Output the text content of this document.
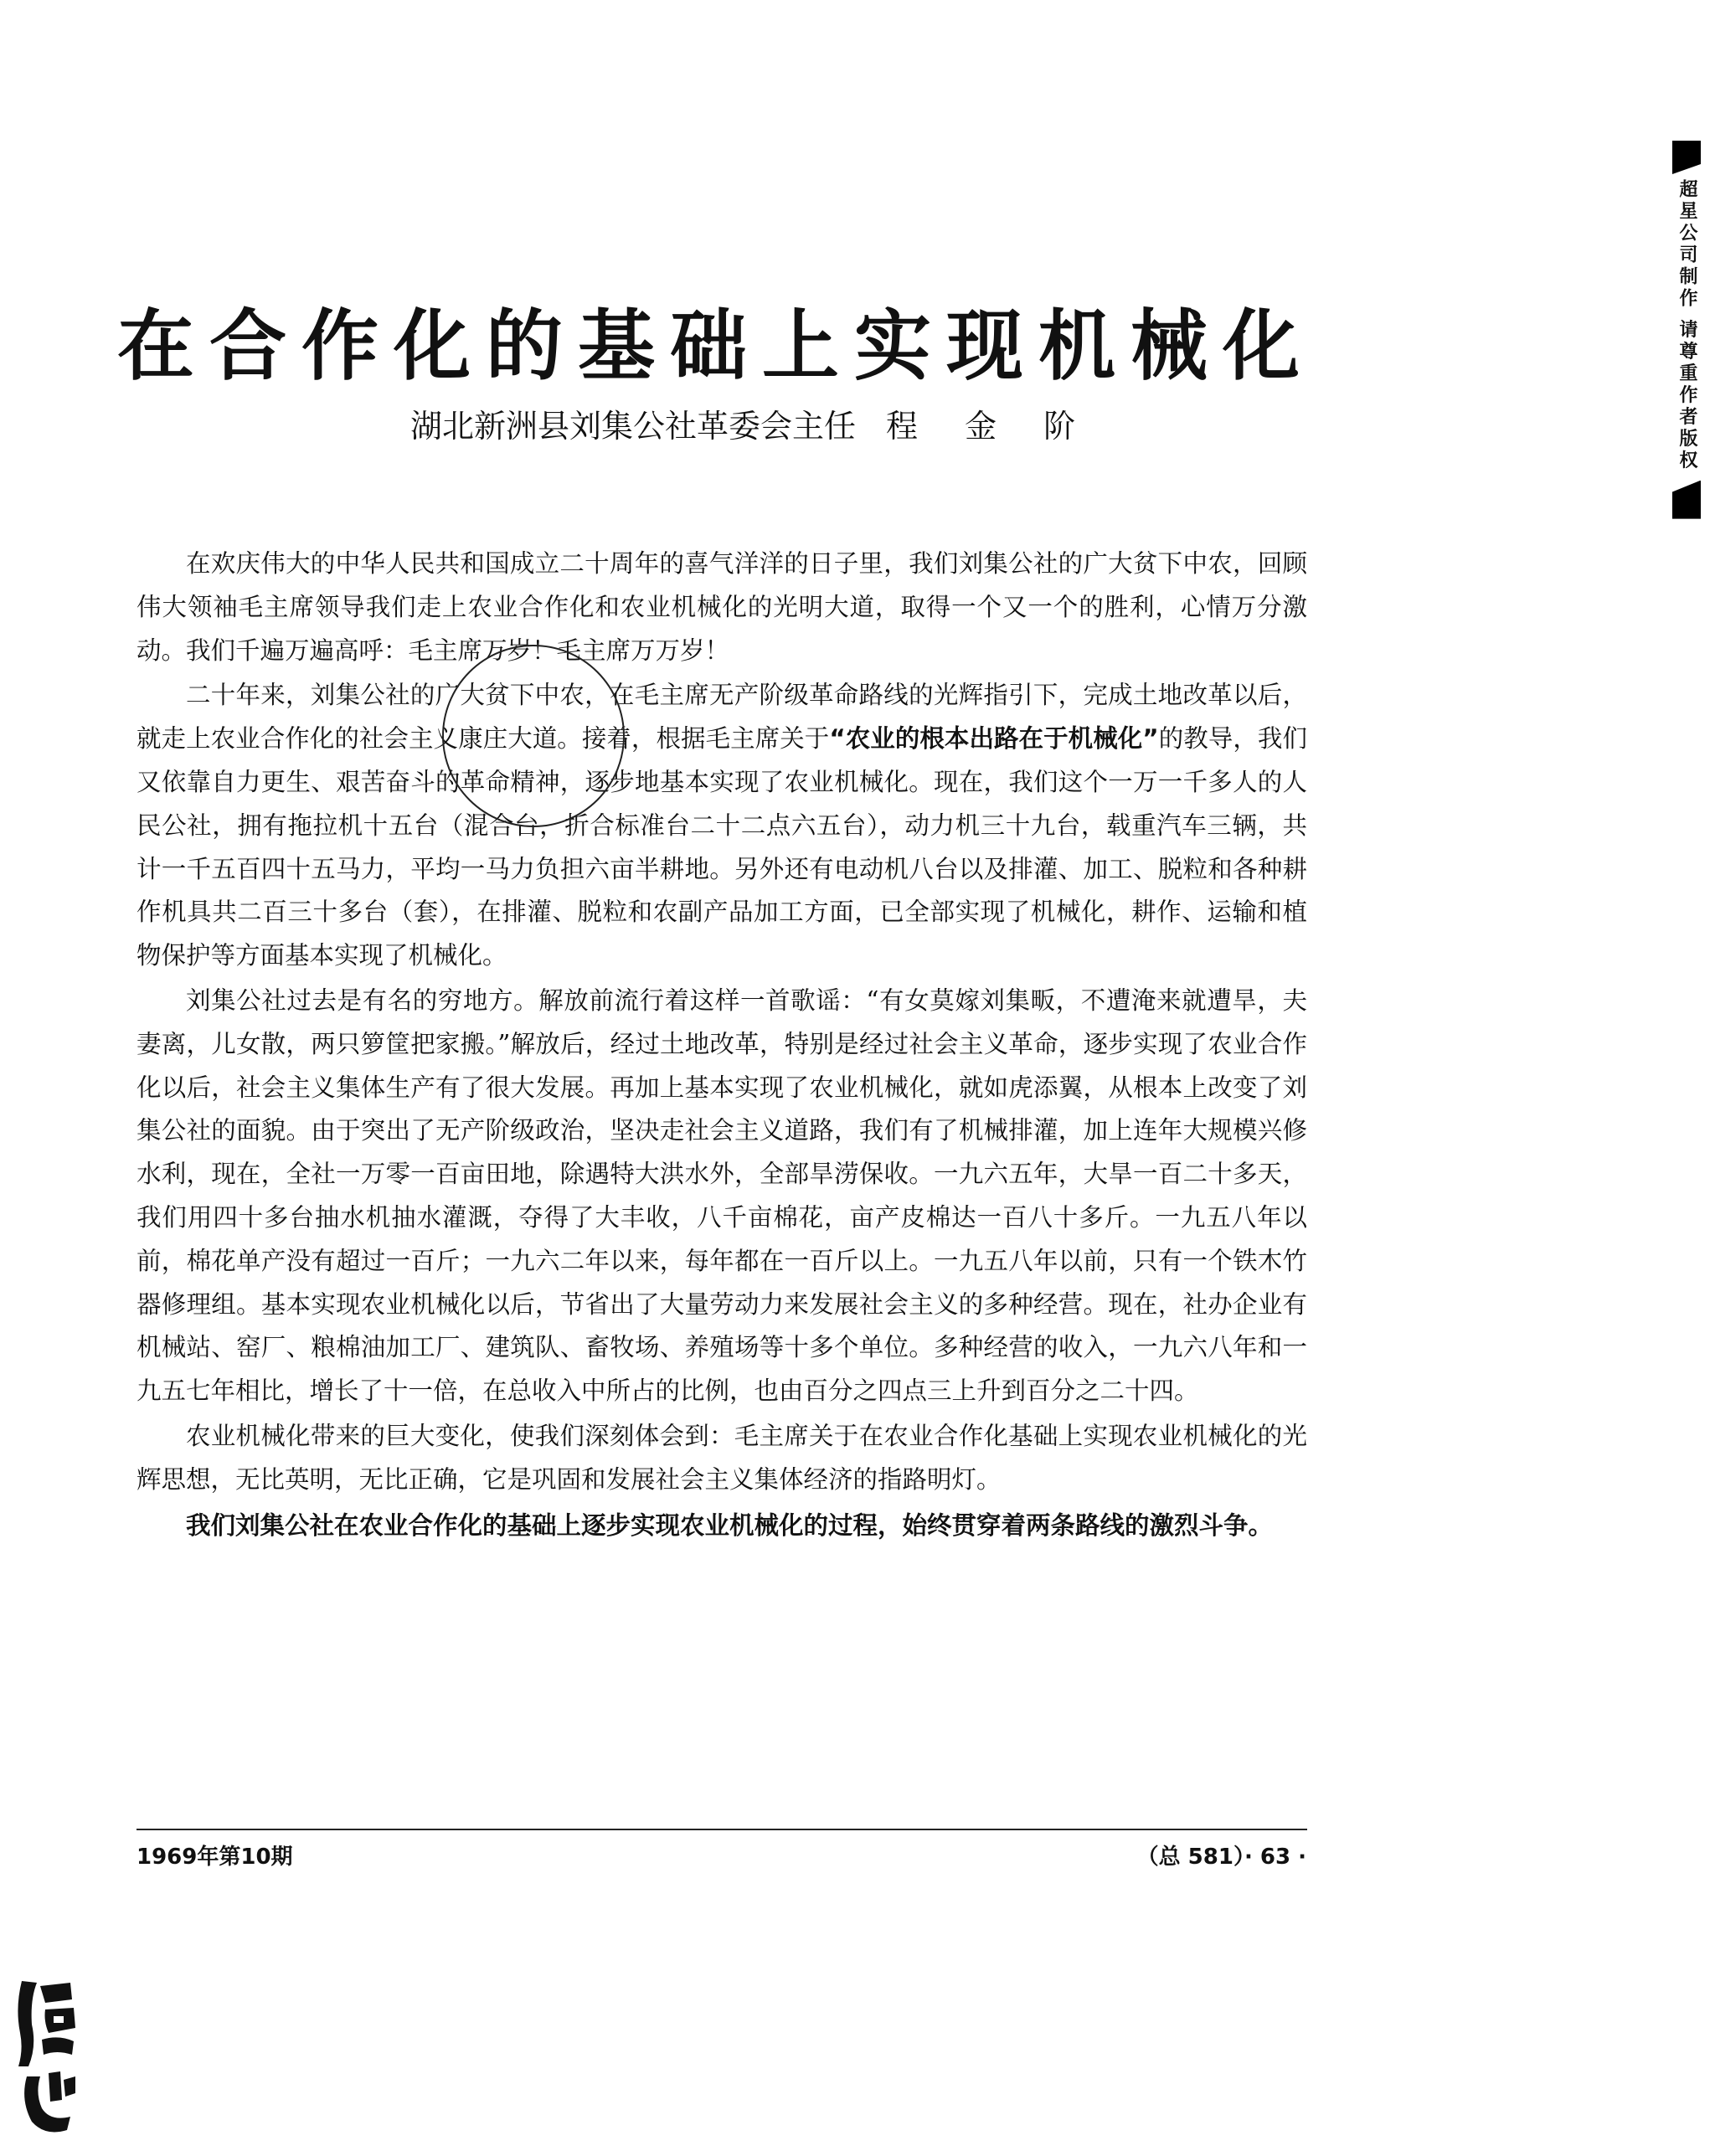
在合作化的基础上实现机械化
湖北新洲县刘集公社革委会主任 程 金 阶

在欢庆伟大的中华人民共和国成立二十周年的喜气洋洋的日子里，我们刘集公社的广大贫下中农，回顾伟大领袖毛主席领导我们走上农业合作化和农业机械化的光明大道，取得一个又一个的胜利，心情万分激动。我们千遍万遍高呼：毛主席万岁！毛主席万万岁！

二十年来，刘集公社的广大贫下中农，在毛主席无产阶级革命路线的光辉指引下，完成土地改革以后，就走上农业合作化的社会主义康庄大道。接着，根据毛主席关于“农业的根本出路在于机械化”的教导，我们又依靠自力更生、艰苦奋斗的革命精神，逐步地基本实现了农业机械化。现在，我们这个一万一千多人的人民公社，拥有拖拉机十五台（混合台，折合标准台二十二点六五台），动力机三十九台，载重汽车三辆，共计一千五百四十五马力，平均一马力负担六亩半耕地。另外还有电动机八台以及排灌、加工、脱粒和各种耕作机具共二百三十多台（套），在排灌、脱粒和农副产品加工方面，已全部实现了机械化，耕作、运输和植物保护等方面基本实现了机械化。

刘集公社过去是有名的穷地方。解放前流行着这样一首歌谣：“有女莫嫁刘集畈，不遭淹来就遭旱，夫妻离，儿女散，两只箩筐把家搬。”解放后，经过土地改革，特别是经过社会主义革命，逐步实现了农业合作化以后，社会主义集体生产有了很大发展。再加上基本实现了农业机械化，就如虎添翼，从根本上改变了刘集公社的面貌。由于突出了无产阶级政治，坚决走社会主义道路，我们有了机械排灌，加上连年大规模兴修水利，现在，全社一万零一百亩田地，除遇特大洪水外，全部旱涝保收。一九六五年，大旱一百二十多天，我们用四十多台抽水机抽水灌溉，夺得了大丰收，八千亩棉花，亩产皮棉达一百八十多斤。一九五八年以前，棉花单产没有超过一百斤；一九六二年以来，每年都在一百斤以上。一九五八年以前，只有一个铁木竹器修理组。基本实现农业机械化以后，节省出了大量劳动力来发展社会主义的多种经营。现在，社办企业有机械站、窑厂、粮棉油加工厂、建筑队、畜牧场、养殖场等十多个单位。多种经营的收入，一九六八年和一九五七年相比，增长了十一倍，在总收入中所占的比例，也由百分之四点三上升到百分之二十四。

农业机械化带来的巨大变化，使我们深刻体会到：毛主席关于在农业合作化基础上实现农业机械化的光辉思想，无比英明，无比正确，它是巩固和发展社会主义集体经济的指路明灯。

我们刘集公社在农业合作化的基础上逐步实现农业机械化的过程，始终贯穿着两条路线的激烈斗争。

1969年第10期	（总 581）· 63 ·
超星公司制作 请尊重作者版权
